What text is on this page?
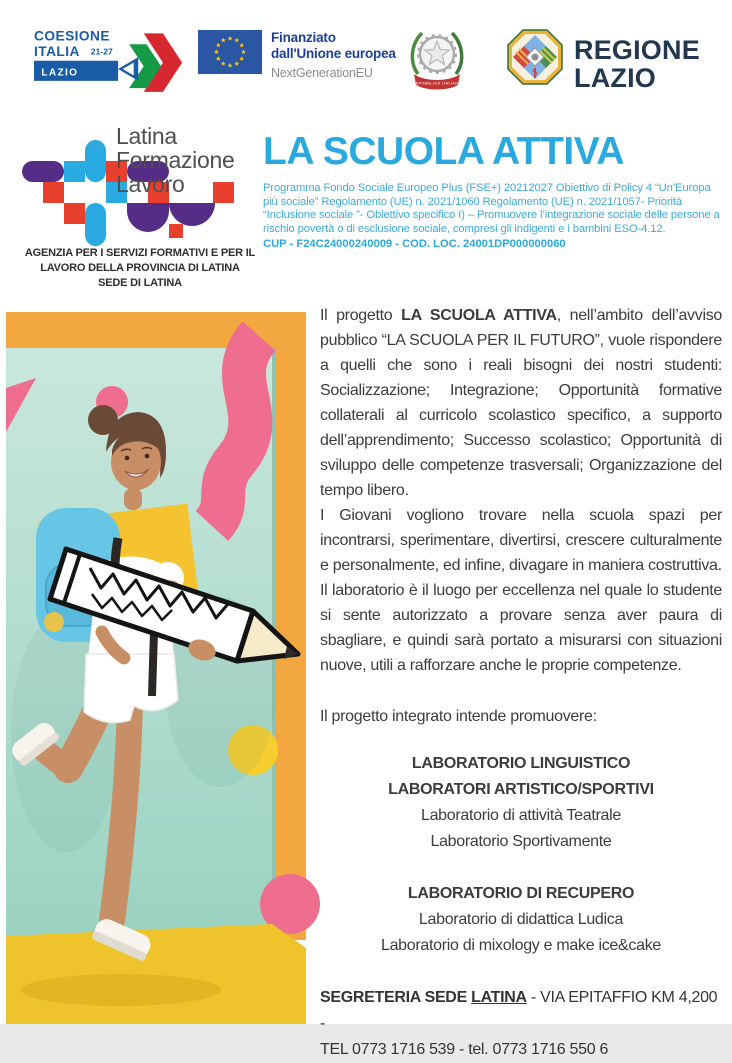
COESIONE
ITALIA 21-27
LAZIO
Finanziato
dall'Unione europea
NextGenerationEU
REPVBBLICA ITALIANA
REGIONE
LAZIO
Latina
Formazione
Lavoro
AGENZIA PER I SERVIZI FORMATIVI E PER IL
LAVORO DELLA PROVINCIA DI LATINA
SEDE DI LATINA
LA SCUOLA ATTIVA
Programma Fondo Sociale Europeo Plus (FSE+) 20212027 Obiettivo di Policy 4 “Un’Europa più sociale” Regolamento (UE) n. 2021/1060 Regolamento (UE) n. 2021/1057- Priorità “Inclusione sociale ”- Obiettivo specifico I) – Promuovere l’integrazione sociale delle persone a rischio povertà o di esclusione sociale, compresi gli indigenti e i bambini ESO-4.12.
CUP - F24C24000240009 - COD. LOC. 24001DP000000060

Il progetto LA SCUOLA ATTIVA, nell’ambito dell’avviso pubblico “LA SCUOLA PER IL FUTURO”, vuole rispondere a quelli che sono i reali bisogni dei nostri studenti: Socializzazione; Integrazione; Opportunità formative collaterali al curricolo scolastico specifico, a supporto dell’apprendimento; Successo scolastico; Opportunità di sviluppo delle competenze trasversali; Organizzazione del tempo libero.

I Giovani vogliono trovare nella scuola spazi per incontrarsi, sperimentare, divertirsi, crescere culturalmente e personalmente, ed infine, divagare in maniera costruttiva.

Il laboratorio è il luogo per eccellenza nel quale lo studente si sente autorizzato a provare senza aver paura di sbagliare, e quindi sarà portato a misurarsi con situazioni nuove, utili a rafforzare anche le proprie competenze.

Il progetto integrato intende promuovere:

LABORATORIO LINGUISTICO
LABORATORI ARTISTICO/SPORTIVI
Laboratorio di attività Teatrale
Laboratorio Sportivamente
LABORATORIO DI RECUPERO
Laboratorio di didattica Ludica
Laboratorio di mixology e make ice&cake
SEGRETERIA SEDE LATINA - VIA EPITAFFIO KM 4,200 -
TEL 0773 1716 539 - tel. 0773 1716 550 6
